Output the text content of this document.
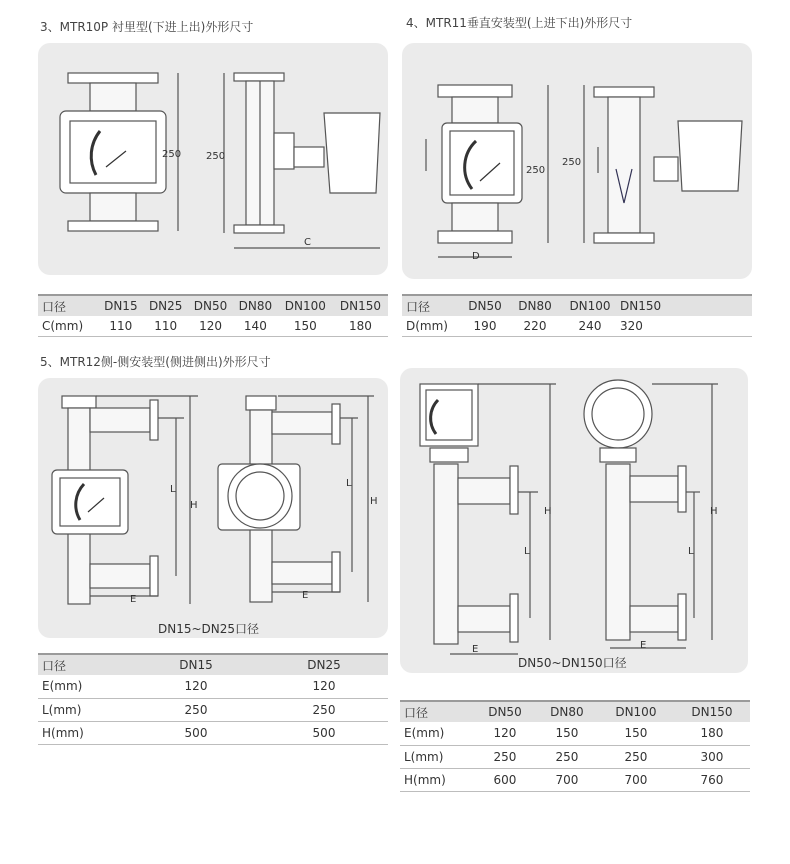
3、MTR10P 衬里型(下进上出)外形尺寸
250 250
C
口径	DN15	DN25	DN50	DN80	DN100	DN150
C(mm)	110	110	120	140	150	180
4、MTR11垂直安装型(上进下出)外形尺寸
250
250
D
口径	DN50	DN80	DN100	DN150	
D(mm)	190	220	240	320	
5、MTR12侧-侧安装型(侧进侧出)外形尺寸
L
H
E
L
H
E
DN15~DN25口径
L
H
E
L
H
E
DN50~DN150口径
口径	DN15	DN25
E(mm)	120	120
L(mm)	250	250
H(mm)	500	500
口径	DN50	DN80	DN100	DN150
E(mm)	120	150	150	180
L(mm)	250	250	250	300
H(mm)	600	700	700	760
